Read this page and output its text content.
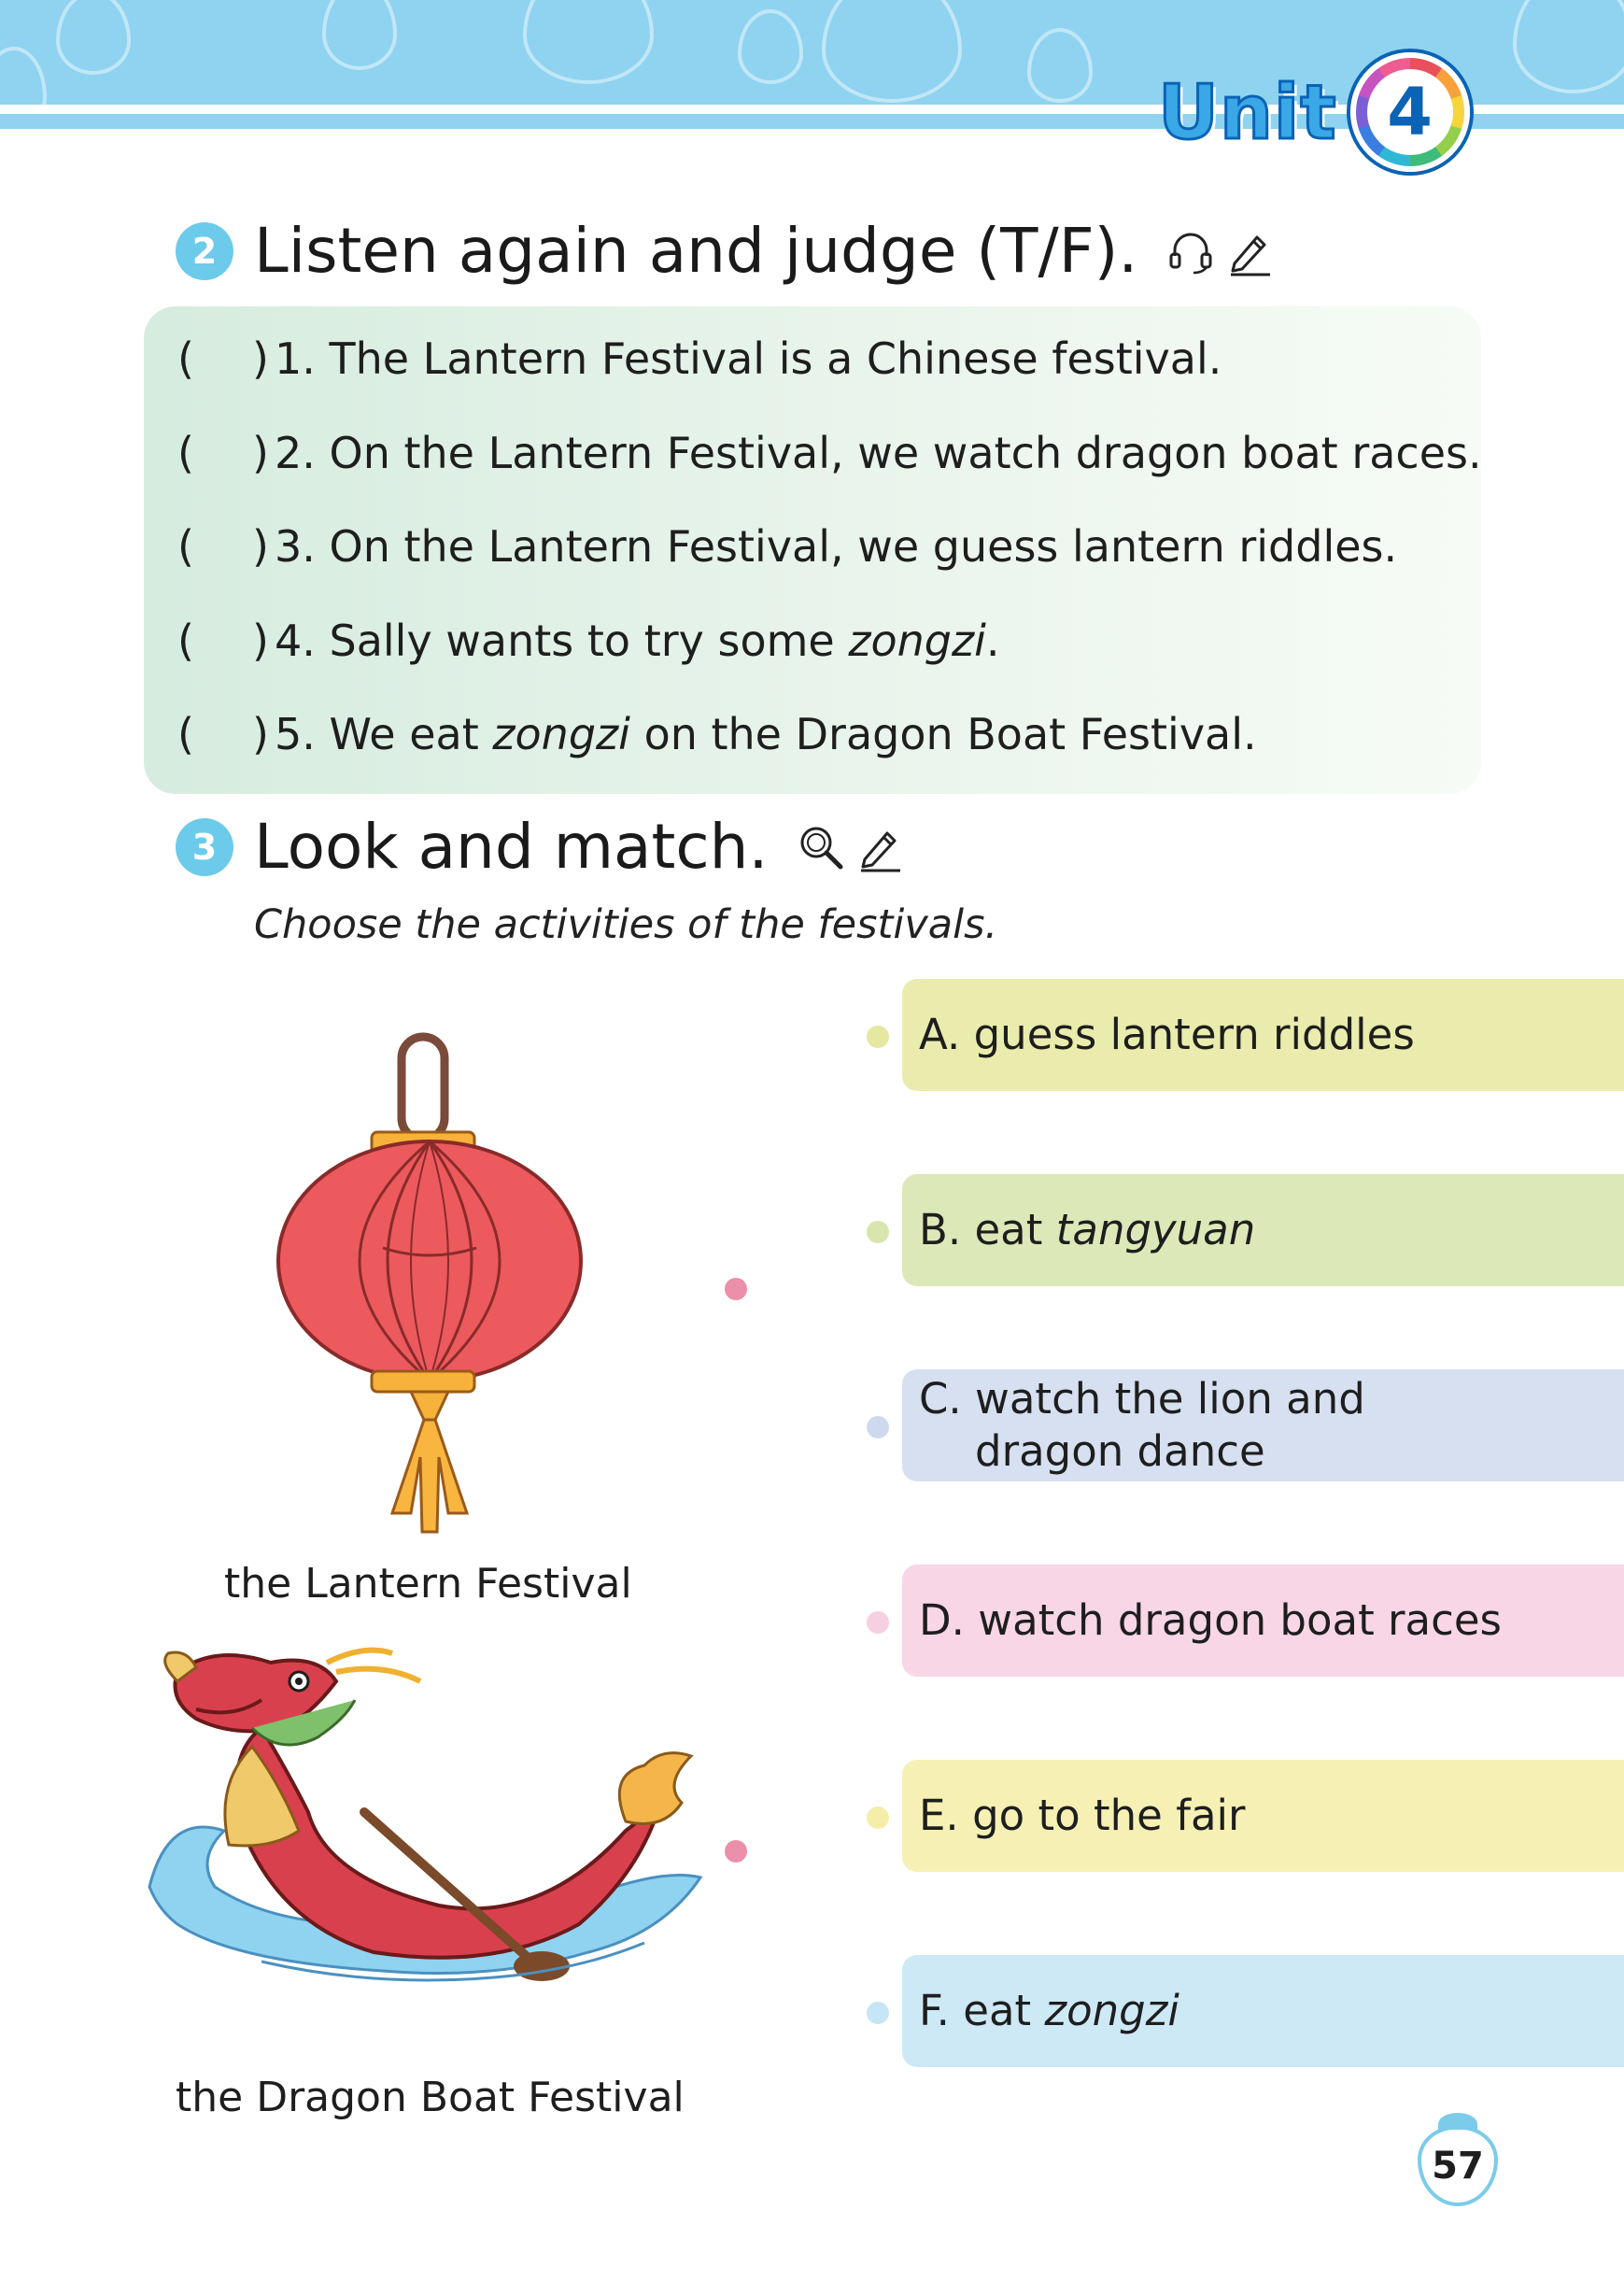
Unit 4
2 Listen again and judge (T/F).
(	) 1. The Lantern Festival is a Chinese festival.
(	) 2. On the Lantern Festival, we watch dragon boat races.
(	) 3. On the Lantern Festival, we guess lantern riddles.
(	) 4. Sally wants to try some zongzi.
(	) 5. We eat zongzi on the Dragon Boat Festival.
3 Look and match.
Choose the activities of the festivals.
the Lantern Festival
the Dragon Boat Festival
A.
guess lantern riddles
B.
eat tangyuan
C. watch the lion and
dragon dance
D.
watch dragon boat races
E.
go to the fair
F.
eat zongzi
57
